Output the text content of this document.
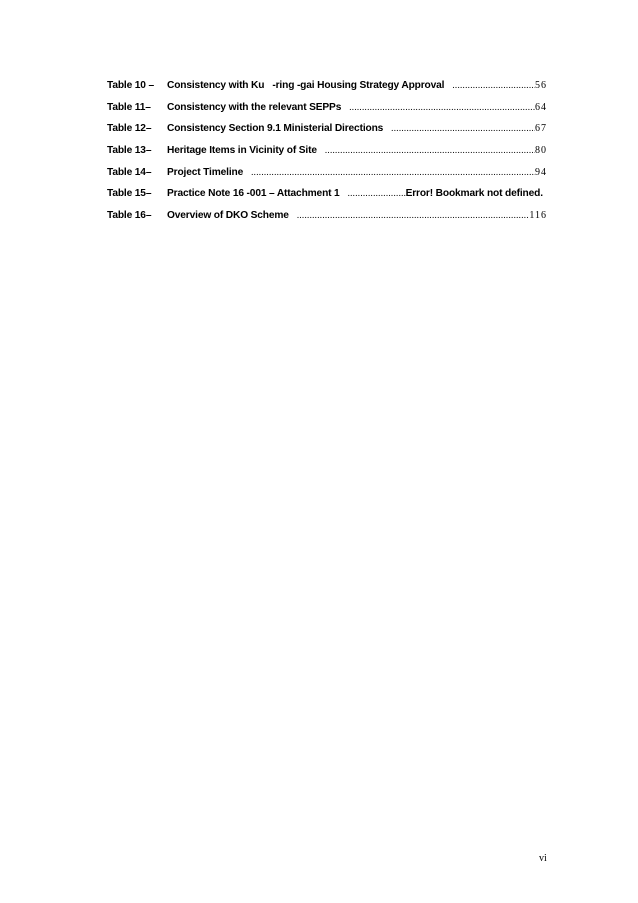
Table 10 –	Consistency with Ku   -ring -gai Housing Strategy Approval .....	56
Table 11–	Consistency with the relevant SEPPs .....	64
Table 12–	Consistency Section 9.1 Ministerial Directions .....	67
Table 13–	Heritage Items in Vicinity of Site .....	80
Table 14–	Project Timeline .....	94
Table 15–	Practice Note 16 -001 – Attachment 1 .....	Error! Bookmark not defined.
Table 16–	Overview of DKO Scheme .....	116
vi
